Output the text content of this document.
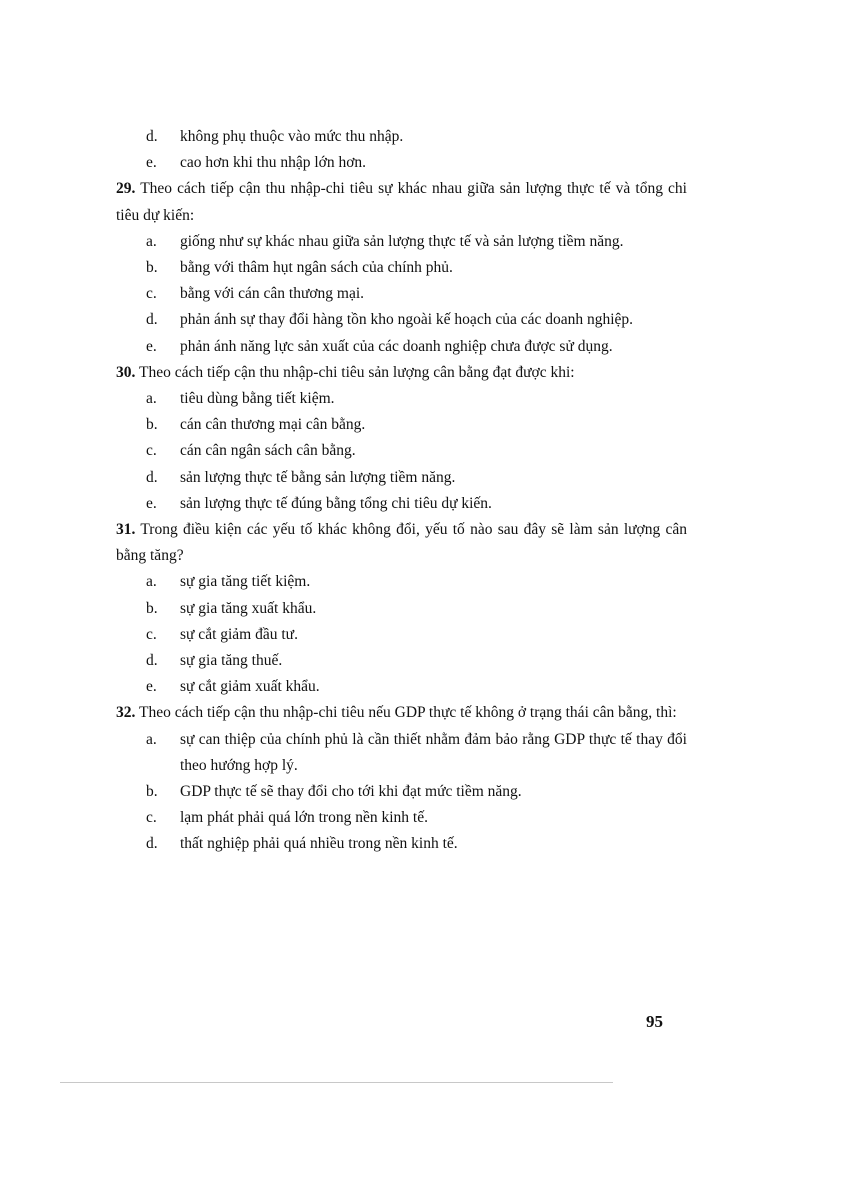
d.	không phụ thuộc vào mức thu nhập.
e.	cao hơn khi thu nhập lớn hơn.
29. Theo cách tiếp cận thu nhập-chi tiêu sự khác nhau giữa sản lượng thực tế và tổng chi tiêu dự kiến:
a.	giống như sự khác nhau giữa sản lượng thực tế và sản lượng tiềm năng.
b.	bằng với thâm hụt ngân sách của chính phủ.
c.	bằng với cán cân thương mại.
d.	phản ánh sự thay đổi hàng tồn kho ngoài kế hoạch của các doanh nghiệp.
e.	phản ánh năng lực sản xuất của các doanh nghiệp chưa được sử dụng.
30. Theo cách tiếp cận thu nhập-chi tiêu sản lượng cân bằng đạt được khi:
a.	tiêu dùng bằng tiết kiệm.
b.	cán cân thương mại cân bằng.
c.	cán cân ngân sách cân bằng.
d.	sản lượng thực tế bằng sản lượng tiềm năng.
e.	sản lượng thực tế đúng bằng tổng chi tiêu dự kiến.
31. Trong điều kiện các yếu tố khác không đổi, yếu tố nào sau đây sẽ làm sản lượng cân bằng tăng?
a.	sự gia tăng tiết kiệm.
b.	sự gia tăng xuất khẩu.
c.	sự cắt giảm đầu tư.
d.	sự gia tăng thuế.
e.	sự cắt giảm xuất khẩu.
32. Theo cách tiếp cận thu nhập-chi tiêu nếu GDP thực tế không ở trạng thái cân bằng, thì:
a.	sự can thiệp của chính phủ là cần thiết nhằm đảm bảo rằng GDP thực tế thay đổi theo hướng hợp lý.
b.	GDP thực tế sẽ thay đổi cho tới khi đạt mức tiềm năng.
c.	lạm phát phải quá lớn trong nền kinh tế.
d.	thất nghiệp phải quá nhiều trong nền kinh tế.
95
